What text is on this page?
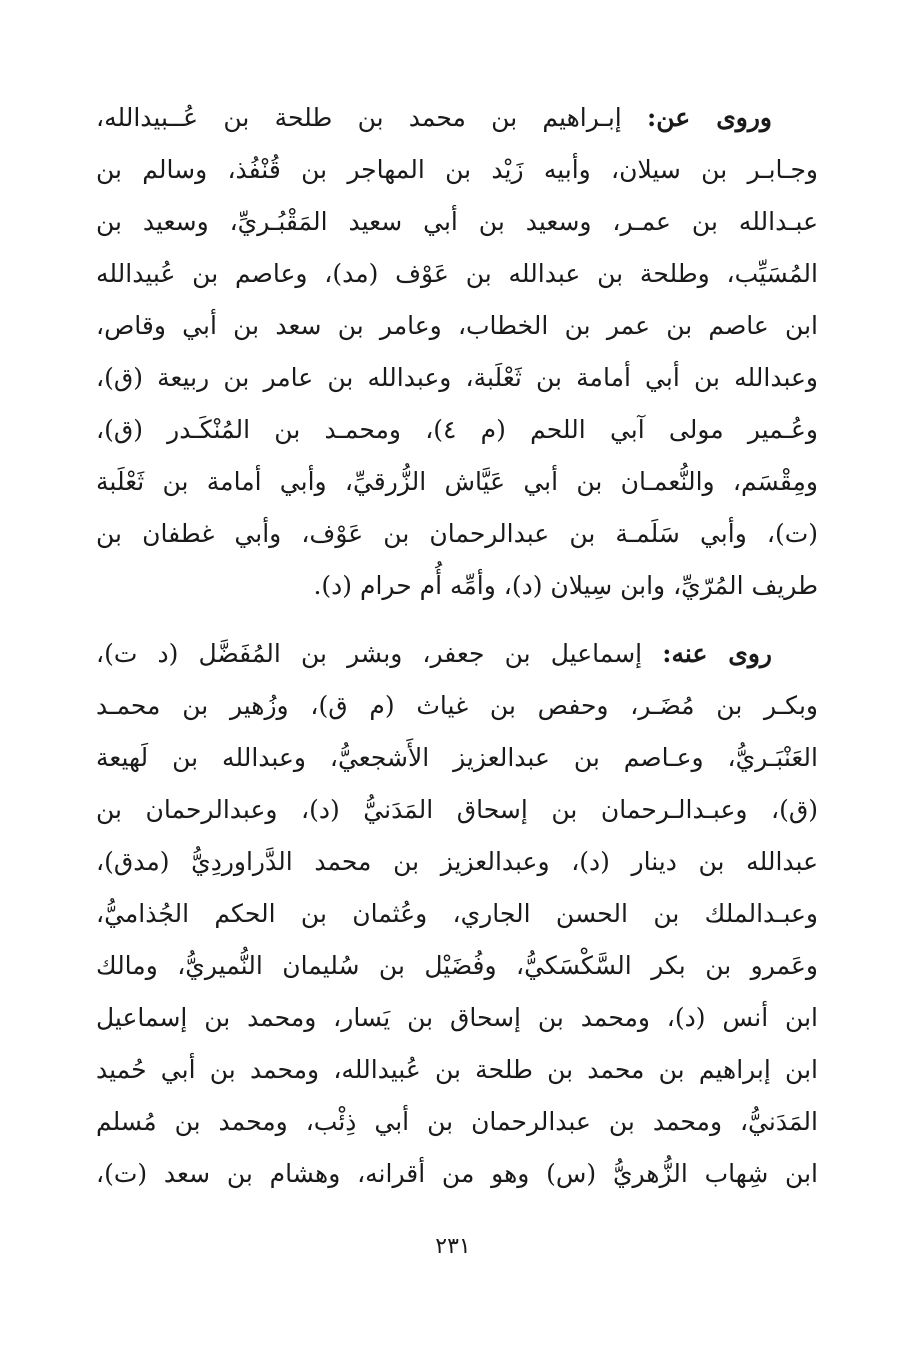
وروى عن: إبـراهيم بن محمد بن طلحة بن عُــبيدالله،
وجـابـر بن سيلان، وأبيه زَيْد بن المهاجر بن قُنْفُذ، وسالم بن
عبـدالله بن عمـر، وسعيد بن أبي سعيد المَقْبُـريِّ، وسعيد بن
المُسَيِّب، وطلحة بن عبدالله بن عَوْف (مد)، وعاصم بن عُبيدالله
ابن عاصم بن عمر بن الخطاب، وعامر بن سعد بن أبي وقاص،
وعبدالله بن أبي أمامة بن ثَعْلَبة، وعبدالله بن عامر بن ربيعة (ق)،
وعُـمير مولى آبي اللحم (م ٤)، ومحمـد بن المُنْكَـدر (ق)،
ومِقْسَم، والنُّعمـان بن أبي عَيَّاش الزُّرقيِّ، وأبي أمامة بن ثَعْلَبة
(ت)، وأبي سَلَمـة بن عبدالرحمان بن عَوْف، وأبي غطفان بن
طريف المُرّيِّ، وابن سِيلان (د)، وأمِّه أُم حرام (د).
روى عنه: إسماعيل بن جعفر، وبشر بن المُفَضَّل (د ت)،
وبكـر بن مُضَـر، وحفص بن غياث (م ق)، وزُهير بن محمـد
العَنْبَـريُّ، وعـاصم بن عبدالعزيز الأَشجعيُّ، وعبدالله بن لَهيعة
(ق)، وعبـدالـرحمان بن إسحاق المَدَنيُّ (د)، وعبدالرحمان بن
عبدالله بن دينار (د)، وعبدالعزيز بن محمد الدَّراوردِيُّ (مدق)،
وعبـدالملك بن الحسن الجاري، وعُثمان بن الحكم الجُذاميُّ،
وعَمرو بن بكر السَّكْسَكيُّ، وفُضَيْل بن سُليمان النُّميريُّ، ومالك
ابن أنس (د)، ومحمد بن إسحاق بن يَسار، ومحمد بن إسماعيل
ابن إبراهيم بن محمد بن طلحة بن عُبيدالله، ومحمد بن أبي حُميد
المَدَنيُّ، ومحمد بن عبدالرحمان بن أبي ذِئْب، ومحمد بن مُسلم
ابن شِهاب الزُّهريُّ (س) وهو من أقرانه، وهشام بن سعد (ت)،
٢٣١
